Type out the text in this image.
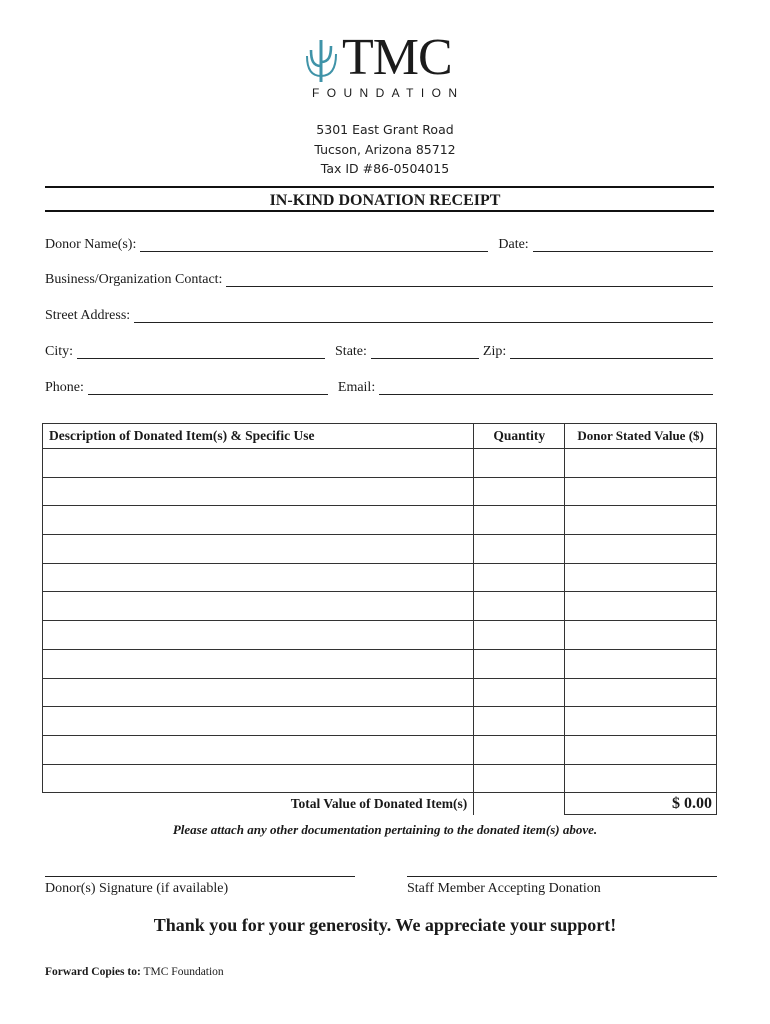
TMC
FOUNDATION
5301 East Grant Road
Tucson, Arizona 85712
Tax ID #86-0504015
IN-KIND DONATION RECEIPT
Donor Name(s):	Date:
Business/Organization Contact:
Street Address:
City:	State:	Zip:
Phone:	Email:
Description of Donated Item(s) & Specific Use	Quantity	Donor Stated Value ($)

Total Value of Donated Item(s)		$ 0.00
Please attach any other documentation pertaining to the donated item(s) above.
Donor(s) Signature (if available)	Staff Member Accepting Donation
Thank you for your generosity. We appreciate your support!
Forward Copies to: TMC Foundation
